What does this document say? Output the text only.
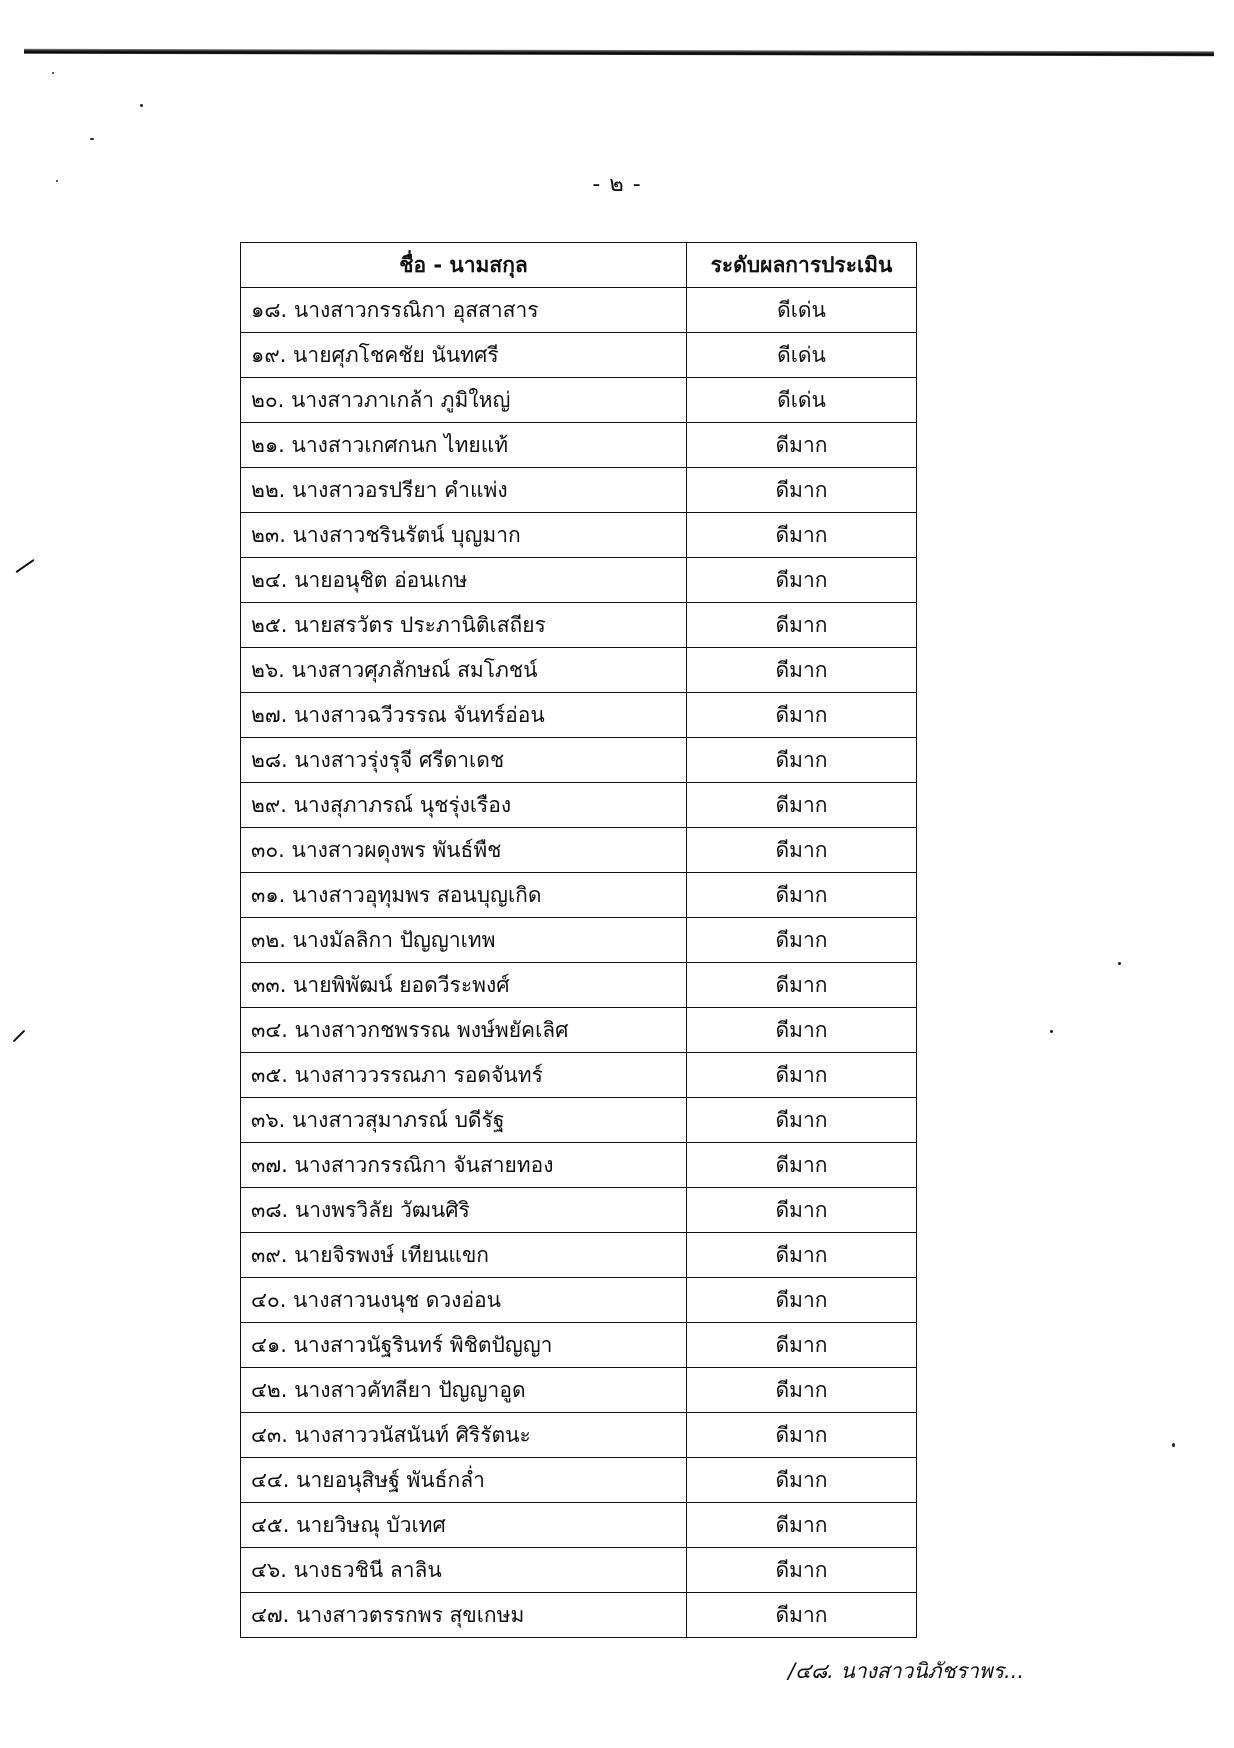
- ๒ -
ชื่อ - นามสกุล	ระดับผลการประเมิน
๑๘. นางสาวกรรณิกา อุสสาสาร	ดีเด่น
๑๙. นายศุภโชคชัย นันทศรี	ดีเด่น
๒๐. นางสาวภาเกล้า ภูมิใหญ่	ดีเด่น
๒๑. นางสาวเกศกนก ไทยแท้	ดีมาก
๒๒. นางสาวอรปรียา คำแพ่ง	ดีมาก
๒๓. นางสาวชรินรัตน์ บุญมาก	ดีมาก
๒๔. นายอนุชิต อ่อนเกษ	ดีมาก
๒๕. นายสรวัตร ประภานิติเสถียร	ดีมาก
๒๖. นางสาวศุภลักษณ์ สมโภชน์	ดีมาก
๒๗. นางสาวฉวีวรรณ จันทร์อ่อน	ดีมาก
๒๘. นางสาวรุ่งรุจี ศรีดาเดช	ดีมาก
๒๙. นางสุภาภรณ์ นุชรุ่งเรือง	ดีมาก
๓๐. นางสาวผดุงพร พันธ์พืช	ดีมาก
๓๑. นางสาวอุทุมพร สอนบุญเกิด	ดีมาก
๓๒. นางมัลลิกา ปัญญาเทพ	ดีมาก
๓๓. นายพิพัฒน์ ยอดวีระพงศ์	ดีมาก
๓๔. นางสาวกชพรรณ พงษ์พยัคเลิศ	ดีมาก
๓๕. นางสาววรรณภา รอดจันทร์	ดีมาก
๓๖. นางสาวสุมาภรณ์ บดีรัฐ	ดีมาก
๓๗. นางสาวกรรณิกา จันสายทอง	ดีมาก
๓๘. นางพรวิลัย วัฒนศิริ	ดีมาก
๓๙. นายจิรพงษ์ เทียนแขก	ดีมาก
๔๐. นางสาวนงนุช ดวงอ่อน	ดีมาก
๔๑. นางสาวนัฐรินทร์ พิชิตปัญญา	ดีมาก
๔๒. นางสาวคัทลียา ปัญญาอูด	ดีมาก
๔๓. นางสาววนัสนันท์ ศิริรัตนะ	ดีมาก
๔๔. นายอนุสิษฐ์ พันธ์กล่ำ	ดีมาก
๔๕. นายวิษณุ บัวเทศ	ดีมาก
๔๖. นางธวชินี ลาลิน	ดีมาก
๔๗. นางสาวตรรกพร สุขเกษม	ดีมาก
/๔๘. นางสาวนิภัชราพร...
